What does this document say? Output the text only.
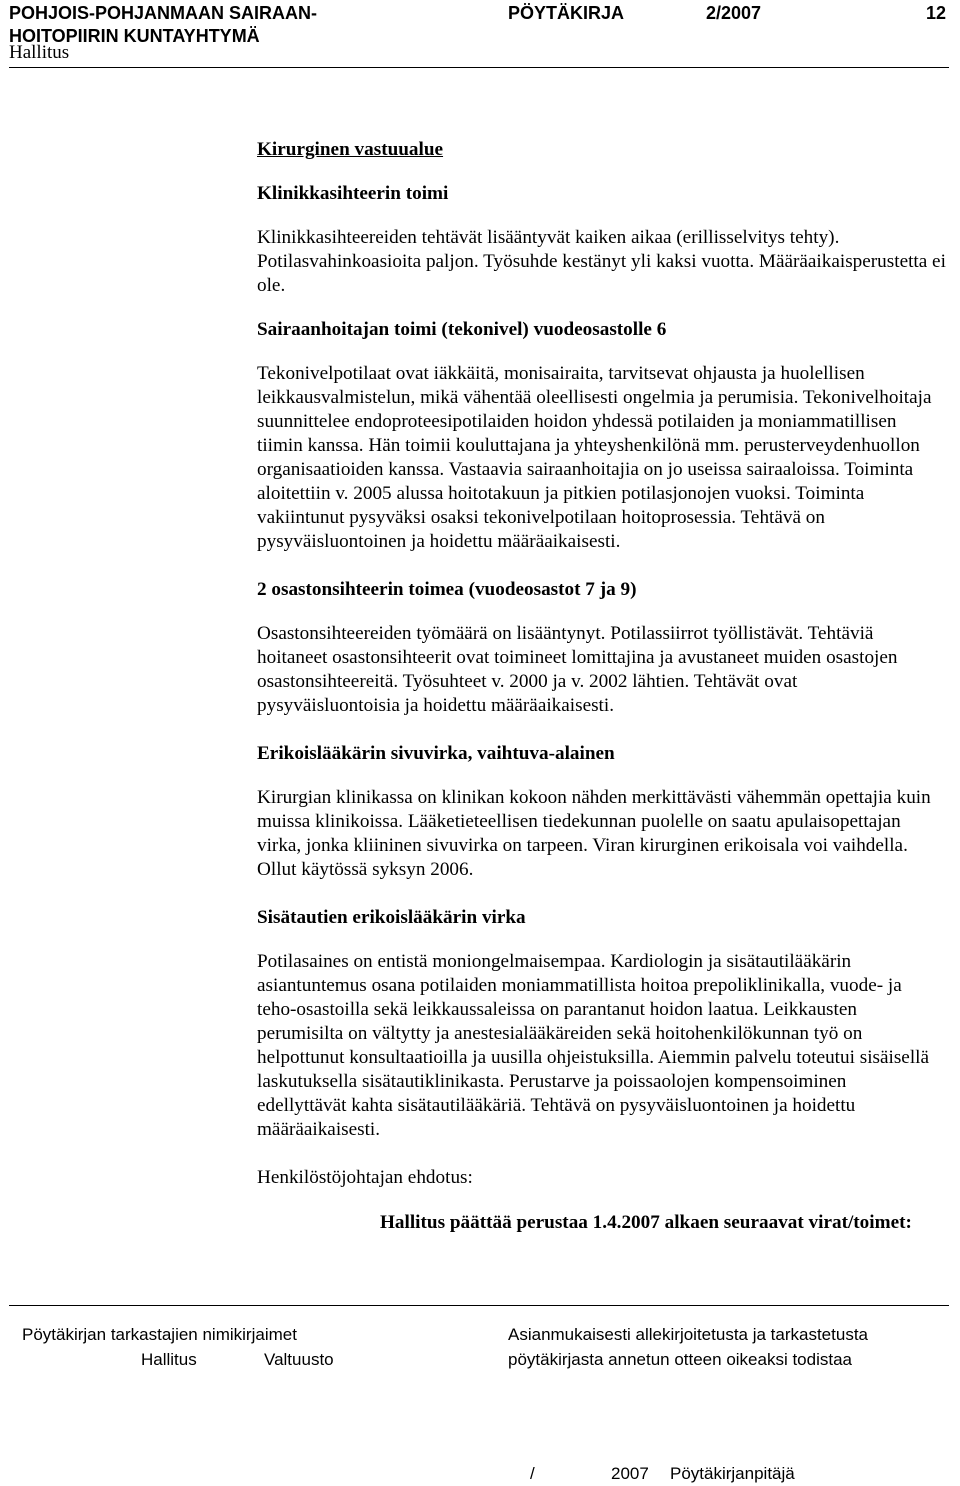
POHJOIS-POHJANMAAN SAIRAAN-
HOITOPIIRIN KUNTAYHTYMÄ
PÖYTÄKIRJA	2/2007	12
Hallitus

Kirurginen vastuualue

Klinikkasihteerin toimi

Klinikkasihteereiden tehtävät lisääntyvät kaiken aikaa (erillisselvitys tehty). Potilasvahinkoasioita paljon. Työsuhde kestänyt yli kaksi vuotta. Määräaikaisperustetta ei ole.

Sairaanhoitajan toimi (tekonivel) vuodeosastolle 6

Tekonivelpotilaat ovat iäkkäitä, monisairaita, tarvitsevat ohjausta ja huolellisen leikkausvalmistelun, mikä vähentää oleellisesti ongelmia ja perumisia. Tekonivelhoitaja suunnittelee endoproteesipotilaiden hoidon yhdessä potilaiden ja moniammatillisen tiimin kanssa. Hän toimii kouluttajana ja yhteyshenkilönä mm. perusterveydenhuollon organisaatioiden kanssa. Vastaavia sairaanhoitajia on jo useissa sairaaloissa. Toiminta aloitettiin v. 2005 alussa hoitotakuun ja pitkien potilasjonojen vuoksi. Toiminta vakiintunut pysyväksi osaksi tekonivelpotilaan hoitoprosessia. Tehtävä on pysyväisluontoinen ja hoidettu määräaikaisesti.

2 osastonsihteerin toimea (vuodeosastot 7 ja 9)

Osastonsihteereiden työmäärä on lisääntynyt. Potilassiirrot työllistävät. Tehtäviä hoitaneet osastonsihteerit ovat toimineet lomittajina ja avustaneet muiden osastojen osastonsihteereitä. Työsuhteet v. 2000 ja v. 2002 lähtien. Tehtävät ovat pysyväisluontoisia ja hoidettu määräaikaisesti.

Erikoislääkärin sivuvirka, vaihtuva-alainen

Kirurgian klinikassa on klinikan kokoon nähden merkittävästi vähemmän opettajia kuin muissa klinikoissa. Lääketieteellisen tiedekunnan puolelle on saatu apulaisopettajan virka, jonka kliininen sivuvirka on tarpeen. Viran kirurginen erikoisala voi vaihdella. Ollut käytössä syksyn 2006.

Sisätautien erikoislääkärin virka

Potilasaines on entistä moniongelmaisempaa. Kardiologin ja sisätautilääkärin asiantuntemus osana potilaiden moniammatillista hoitoa prepoliklinikalla, vuode- ja teho-osastoilla sekä leikkaussaleissa on parantanut hoidon laatua. Leikkausten perumisilta on vältytty ja anestesialääkäreiden sekä hoitohenkilökunnan työ on helpottunut konsultaatioilla ja uusilla ohjeistuksilla. Aiemmin palvelu toteutui sisäisellä laskutuksella sisätautiklinikasta. Perustarve ja poissaolojen kompensoiminen edellyttävät kahta sisätautilääkäriä. Tehtävä on pysyväisluontoinen ja hoidettu määräaikaisesti.

Henkilöstöjohtajan ehdotus:

Hallitus päättää perustaa 1.4.2007 alkaen seuraavat virat/toimet:
Pöytäkirjan tarkastajien nimikirjaimet
Hallitus	Valtuusto
Asianmukaisesti allekirjoitetusta ja tarkastetusta
pöytäkirjasta annetun otteen oikeaksi todistaa
/	2007 Pöytäkirjanpitäjä
